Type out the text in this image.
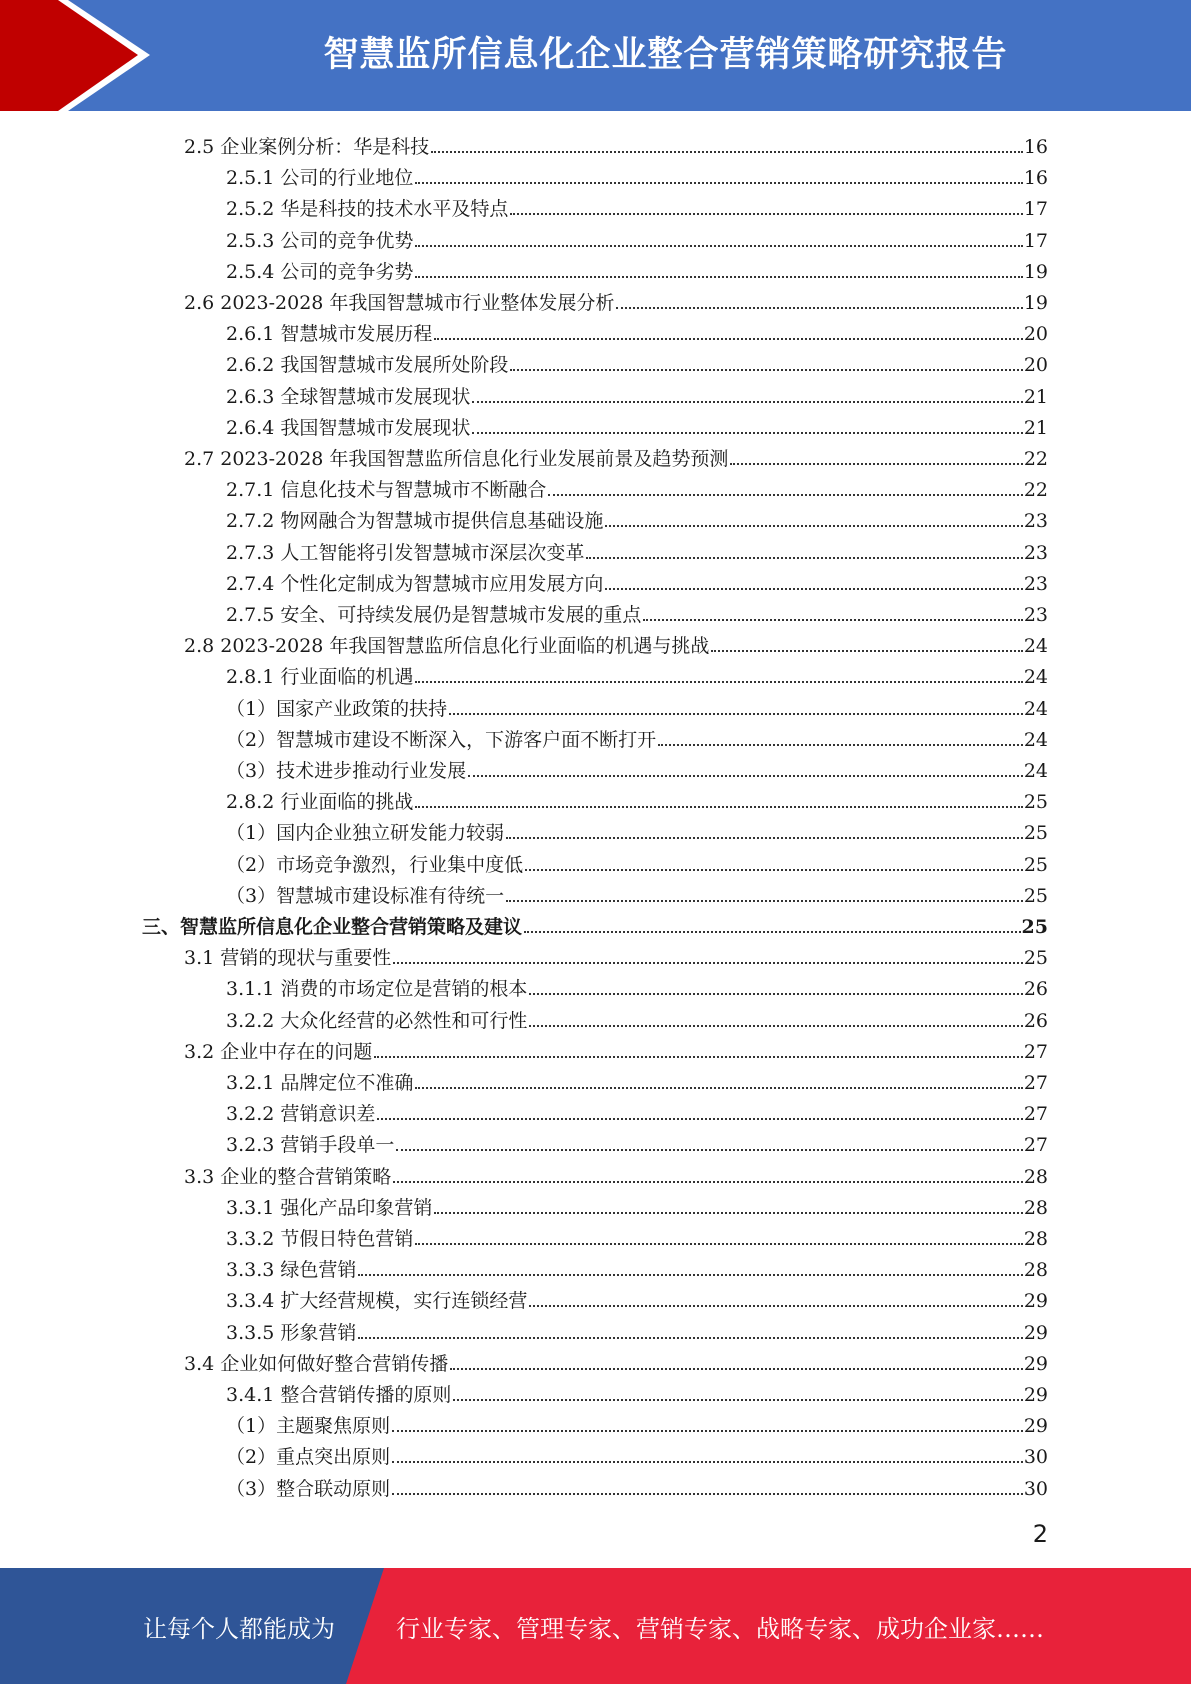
智慧监所信息化企业整合营销策略研究报告
2.5 企业案例分析：华是科技	16
2.5.1 公司的行业地位	16
2.5.2 华是科技的技术水平及特点	17
2.5.3 公司的竞争优势	17
2.5.4 公司的竞争劣势	19
2.6 2023-2028 年我国智慧城市行业整体发展分析	19
2.6.1 智慧城市发展历程	20
2.6.2 我国智慧城市发展所处阶段	20
2.6.3 全球智慧城市发展现状	21
2.6.4 我国智慧城市发展现状	21
2.7 2023-2028 年我国智慧监所信息化行业发展前景及趋势预测	22
2.7.1 信息化技术与智慧城市不断融合	22
2.7.2 物网融合为智慧城市提供信息基础设施	23
2.7.3 人工智能将引发智慧城市深层次变革	23
2.7.4 个性化定制成为智慧城市应用发展方向	23
2.7.5 安全、可持续发展仍是智慧城市发展的重点	23
2.8 2023-2028 年我国智慧监所信息化行业面临的机遇与挑战	24
2.8.1 行业面临的机遇	24
（1）国家产业政策的扶持	24
（2）智慧城市建设不断深入，下游客户面不断打开	24
（3）技术进步推动行业发展	24
2.8.2 行业面临的挑战	25
（1）国内企业独立研发能力较弱	25
（2）市场竞争激烈，行业集中度低	25
（3）智慧城市建设标准有待统一	25
三、智慧监所信息化企业整合营销策略及建议	25
3.1 营销的现状与重要性	25
3.1.1 消费的市场定位是营销的根本	26
3.2.2 大众化经营的必然性和可行性	26
3.2 企业中存在的问题	27
3.2.1 品牌定位不准确	27
3.2.2 营销意识差	27
3.2.3 营销手段单一	27
3.3 企业的整合营销策略	28
3.3.1 强化产品印象营销	28
3.3.2 节假日特色营销	28
3.3.3 绿色营销	28
3.3.4 扩大经营规模，实行连锁经营	29
3.3.5 形象营销	29
3.4 企业如何做好整合营销传播	29
3.4.1 整合营销传播的原则	29
（1）主题聚焦原则	29
（2）重点突出原则	30
（3）整合联动原则	30
2
让每个人都能成为	行业专家、管理专家、营销专家、战略专家、成功企业家……
